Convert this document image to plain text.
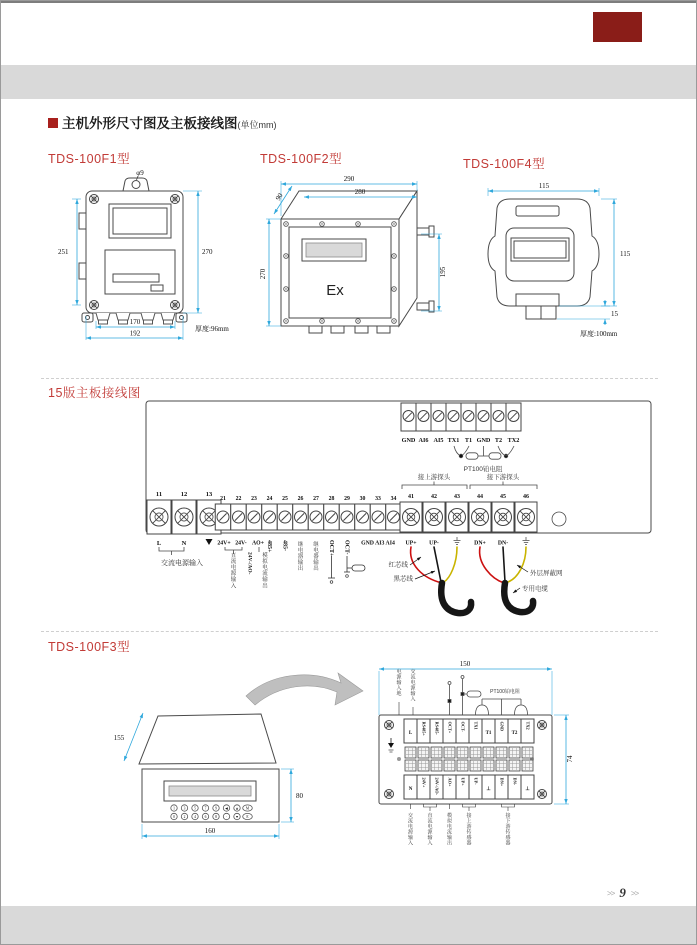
主机外形尺寸图及主板接线图(单位mm)
TDS-100F1型	TDS-100F2型	TDS-100F4型
φ9
251	270
170
192
厚度:96mm
Ex
290
280
90
270	195
115
115
15
厚度:100mm
15版主板接线图
GND AI6 AI5 TX1 T1 GND T2 TX2
PT100铂电阻
接上游探头	接下游探头
11	12	13
21 22 23 24 25 26 27 28 29 30 33 34 41	42	43	44	45	46
485+ 485- 继电器输出
继电器输出
OCT+ OCT-
直流电源输入
24V-/AO- 模拟电流输出
L	N
交流电源输入
24V+ 24V- AO+	GND AI3 AI4 UP+ UP-	DN+ DN-
红芯线
黑芯线
外层屏蔽网
专用电缆
TDS-100F3型
1 3 5 7 9 ◀	▲ M
0 2 4 6 8	· ▼ E
155
80
160
PT100铂电阻
L RS485+ RS485- OCT+ OCT- TX1
T1
GND
T2
TX2
N
24V+ 24V-/AO- AO+ UP+ UP-
⊥
DN+ DN-
⊥
电源输入地
交流电源输入
交流电源输入
直流电源输入
模拟电流输出
接上游传感器
接下游传感器
150
74
>> 9 >>
